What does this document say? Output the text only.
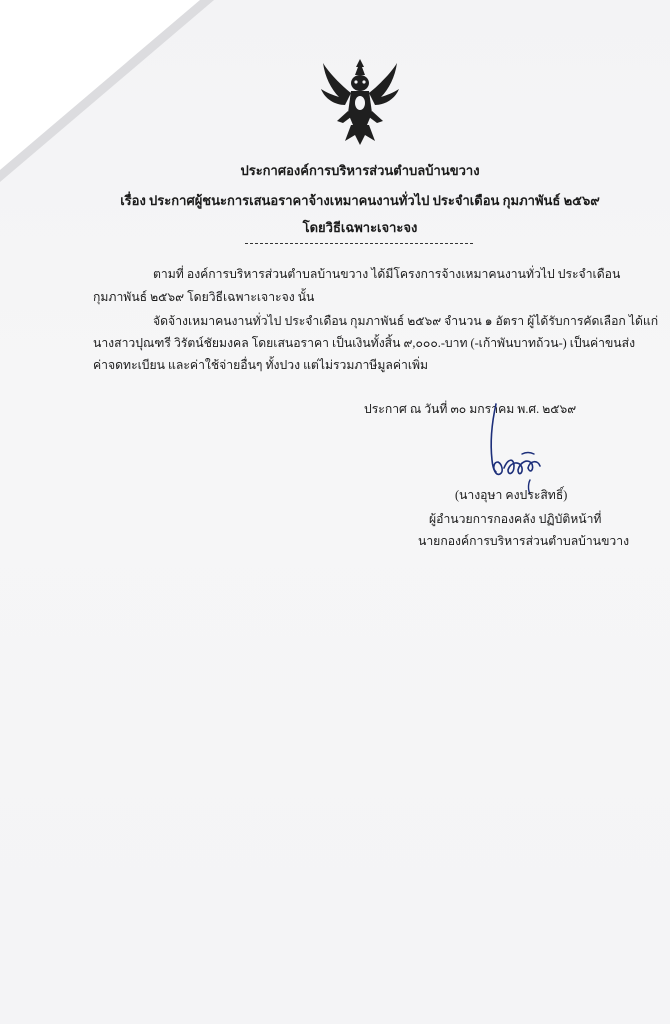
ประกาศองค์การบริหารส่วนตำบลบ้านขวาง
เรื่อง ประกาศผู้ชนะการเสนอราคาจ้างเหมาคนงานทั่วไป ประจำเดือน กุมภาพันธ์ ๒๕๖๙
โดยวิธีเฉพาะเจาะจง
ตามที่ องค์การบริหารส่วนตำบลบ้านขวาง ได้มีโครงการจ้างเหมาคนงานทั่วไป ประจำเดือน
กุมภาพันธ์ ๒๕๖๙ โดยวิธีเฉพาะเจาะจง นั้น
จัดจ้างเหมาคนงานทั่วไป ประจำเดือน กุมภาพันธ์ ๒๕๖๙ จำนวน ๑ อัตรา ผู้ได้รับการคัดเลือก ได้แก่
นางสาวปุณฑรี วิรัตน์ชัยมงคล โดยเสนอราคา เป็นเงินทั้งสิ้น ๙,๐๐๐.-บาท (-เก้าพันบาทถ้วน-) เป็นค่าขนส่ง
ค่าจดทะเบียน และค่าใช้จ่ายอื่นๆ ทั้งปวง แต่ไม่รวมภาษีมูลค่าเพิ่ม
ประกาศ ณ วันที่ ๓๐ มกราคม พ.ศ. ๒๕๖๙
(นางอุษา คงประสิทธิ์)
ผู้อำนวยการกองคลัง ปฏิบัติหน้าที่
นายกองค์การบริหารส่วนตำบลบ้านขวาง
